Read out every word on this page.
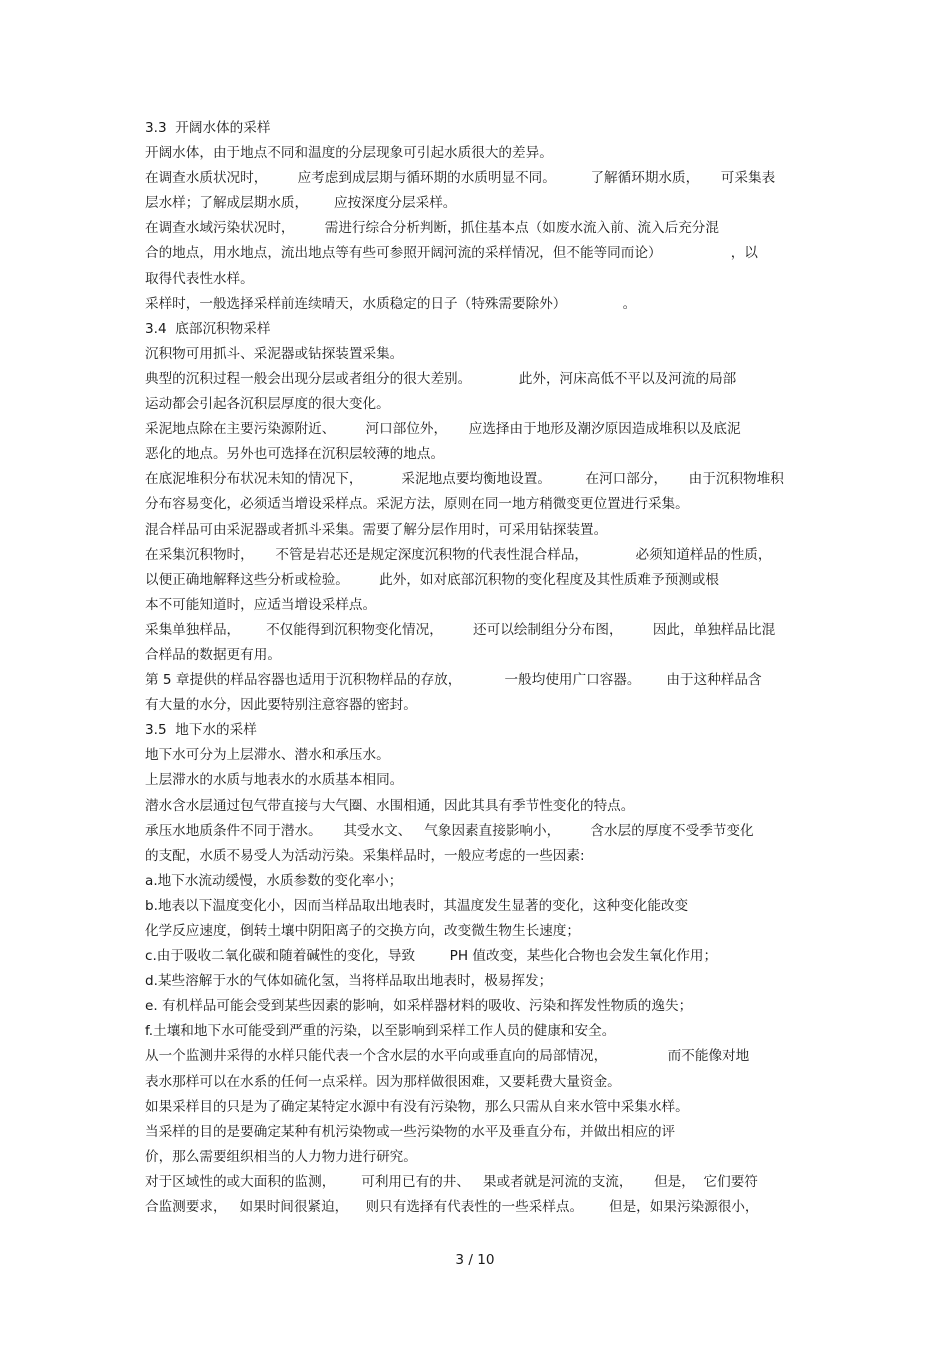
3.3  开阔水体的采样
开阔水体，由于地点不同和温度的分层现象可引起水质很大的差异。
在调查水质状况时，       应考虑到成层期与循环期的水质明显不同。        了解循环期水质，     可采集表
层水样；了解成层期水质，      应按深度分层采样。
在调查水域污染状况时，       需进行综合分析判断，抓住基本点（如废水流入前、流入后充分混
合的地点，用水地点，流出地点等有些可参照开阔河流的采样情况，但不能等同而论）                ，以
取得代表性水样。
采样时，一般选择采样前连续晴天，水质稳定的日子（特殊需要除外）             。
3.4  底部沉积物采样
沉积物可用抓斗、采泥器或钻探装置采集。
典型的沉积过程一般会出现分层或者组分的很大差别。           此外，河床高低不平以及河流的局部
运动都会引起各沉积层厚度的很大变化。
采泥地点除在主要污染源附近、       河口部位外，     应选择由于地形及潮汐原因造成堆积以及底泥
恶化的地点。另外也可选择在沉积层较薄的地点。
在底泥堆积分布状况未知的情况下，         采泥地点要均衡地设置。        在河口部分，     由于沉积物堆积
分布容易变化，必须适当增设采样点。采泥方法，原则在同一地方稍微变更位置进行采集。
混合样品可由采泥器或者抓斗采集。需要了解分层作用时，可采用钻探装置。
在采集沉积物时，     不管是岩芯还是规定深度沉积物的代表性混合样品，           必须知道样品的性质，
以便正确地解释这些分析或检验。       此外，如对底部沉积物的变化程度及其性质难予预测或根
本不可能知道时，应适当增设采样点。
采集单独样品，      不仅能得到沉积物变化情况，       还可以绘制组分分布图，       因此，单独样品比混
合样品的数据更有用。
第 5 章提供的样品容器也适用于沉积物样品的存放，          一般均使用广口容器。      由于这种样品含
有大量的水分，因此要特别注意容器的密封。
3.5  地下水的采样
地下水可分为上层滞水、潜水和承压水。
上层滞水的水质与地表水的水质基本相同。
潜水含水层通过包气带直接与大气圈、水围相通，因此其具有季节性变化的特点。
承压水地质条件不同于潜水。     其受水文、   气象因素直接影响小，       含水层的厚度不受季节变化
的支配，水质不易受人为活动污染。采集样品时，一般应考虑的一些因素:
a.地下水流动缓慢，水质参数的变化率小；
b.地表以下温度变化小，因而当样品取出地表时，其温度发生显著的变化，这种变化能改变
化学反应速度，倒转土壤中阴阳离子的交换方向，改变微生物生长速度；
c.由于吸收二氧化碳和随着碱性的变化，导致        PH 值改变，某些化合物也会发生氧化作用；
d.某些溶解于水的气体如硫化氢，当将样品取出地表时，极易挥发；
e. 有机样品可能会受到某些因素的影响，如采样器材料的吸收、污染和挥发性物质的逸失；
f.土壤和地下水可能受到严重的污染，以至影响到采样工作人员的健康和安全。
从一个监测井采得的水样只能代表一个含水层的水平向或垂直向的局部情况，              而不能像对地
表水那样可以在水系的任何一点采样。因为那样做很困难，又要耗费大量资金。
如果采样目的只是为了确定某特定水源中有没有污染物，那么只需从自来水管中采集水样。
当采样的目的是要确定某种有机污染物或一些污染物的水平及垂直分布，并做出相应的评
价，那么需要组织相当的人力物力进行研究。
对于区域性的或大面积的监测，      可利用已有的井、   果或者就是河流的支流，     但是，  它们要符
合监测要求，   如果时间很紧迫，    则只有选择有代表性的一些采样点。      但是，如果污染源很小，
3 / 10
